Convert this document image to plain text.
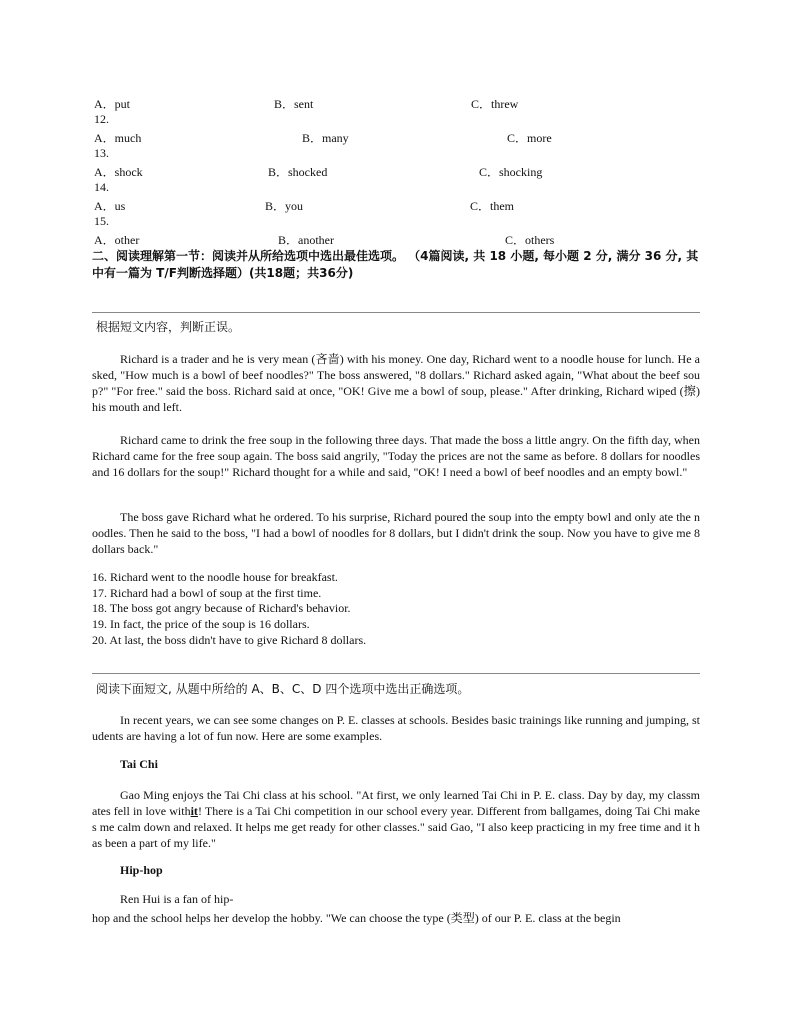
A．put	B．sent	C．threw
12.
A．much	B．many	C．more
13.
A．shock	B．shocked	C．shocking
14.
A．us	B．you	C．them
15.
A．other	B．another	C．others
二、阅读理解第一节：阅读并从所给选项中选出最佳选项。 （4篇阅读, 共 18 小题, 每小题 2 分, 满分 36 分, 其中有一篇为 T/F判断选择题）(共18题；共36分)
根据短文内容，判断正误。
Richard is a trader and he is very mean (吝啬) with his money. One day, Richard went to a noodle house for lunch. He asked, "How much is a bowl of beef noodles?" The boss answered, "8 dollars." Richard asked again, "What about the beef soup?" "For free." said the boss. Richard said at once, "OK! Give me a bowl of soup, please." After drinking, Richard wiped (擦) his mouth and left.
Richard came to drink the free soup in the following three days. That made the boss a little angry. On the fifth day, when Richard came for the free soup again. The boss said angrily, "Today the prices are not the same as before. 8 dollars for noodles and 16 dollars for the soup!" Richard thought for a while and said, "OK! I need a bowl of beef noodles and an empty bowl."
The boss gave Richard what he ordered. To his surprise, Richard poured the soup into the empty bowl and only ate the noodles. Then he said to the boss, "I had a bowl of noodles for 8 dollars, but I didn't drink the soup. Now you have to give me 8 dollars back."
16. Richard went to the noodle house for breakfast.
17. Richard had a bowl of soup at the first time.
18. The boss got angry because of Richard's behavior.
19. In fact, the price of the soup is 16 dollars.
20. At last, the boss didn't have to give Richard 8 dollars.
阅读下面短文, 从题中所给的 A、B、C、D 四个选项中选出正确选项。
In recent years, we can see some changes on P. E. classes at schools. Besides basic trainings like running and jumping, students are having a lot of fun now. Here are some examples.
Tai Chi
Gao Ming enjoys the Tai Chi class at his school. "At first, we only learned Tai Chi in P. E. class. Day by day, my classmates fell in love withit! There is a Tai Chi competition in our school every year. Different from ballgames, doing Tai Chi makes me calm down and relaxed. It helps me get ready for other classes." said Gao, "I also keep practicing in my free time and it has been a part of my life."
Hip-hop
Ren Hui is a fan of hip-
hop and the school helps her develop the hobby. "We can choose the type (类型) of our P. E. class at the begin
